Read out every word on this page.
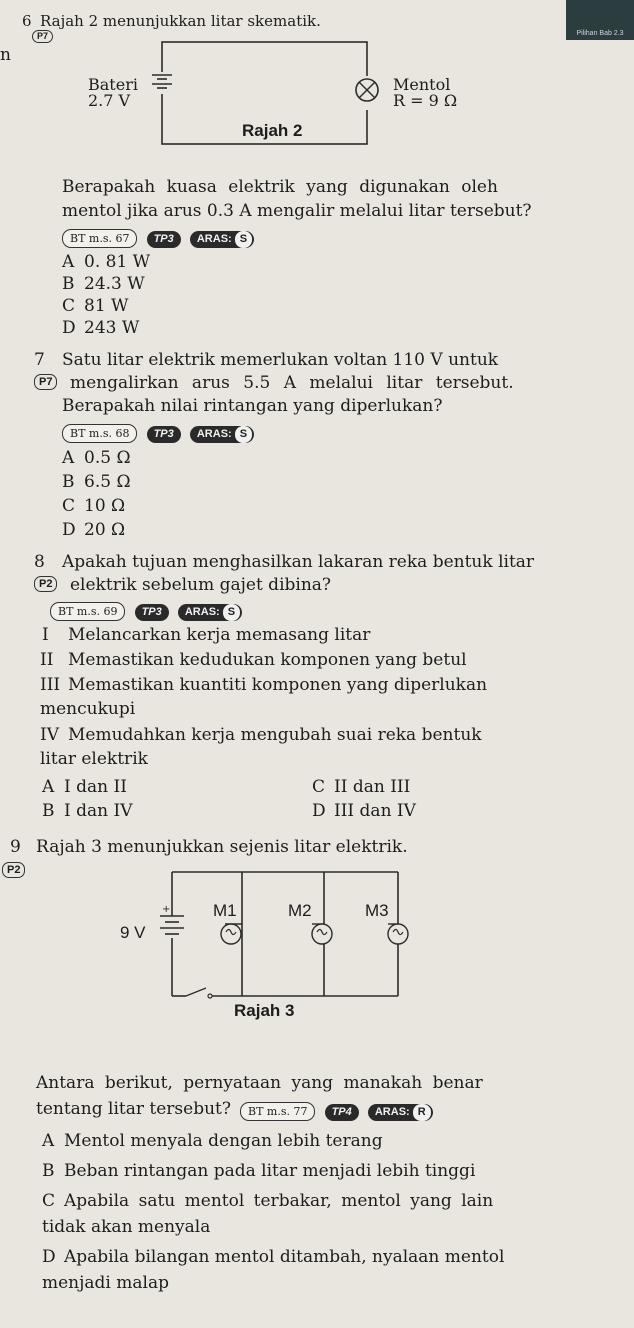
Pilihan Bab 2.3
6 Rajah 2 menunjukkan litar skematik.
P7
n
Bateri
2.7 V
Mentol
R = 9 Ω
Rajah 2
Berapakah kuasa elektrik yang digunakan oleh
mentol jika arus 0.3 A mengalir melalui litar tersebut?
BT m.s. 67 TP3 ARAS: S
A 0. 81 W
B 24.3 W
C 81 W
D 243 W
7 Satu litar elektrik memerlukan voltan 110 V untuk
P7 mengalirkan arus 5.5 A melalui litar tersebut.
Berapakah nilai rintangan yang diperlukan?
BT m.s. 68 TP3 ARAS: S
A 0.5 Ω
B 6.5 Ω
C 10 Ω
D 20 Ω
8 Apakah tujuan menghasilkan lakaran reka bentuk litar
P2 elektrik sebelum gajet dibina?
BT m.s. 69 TP3 ARAS: S
I Melancarkan kerja memasang litar
II Memastikan kedudukan komponen yang betul
III Memastikan kuantiti komponen yang diperlukan
mencukupi
IV Memudahkan kerja mengubah suai reka bentuk
litar elektrik
A I dan II	C II dan III
B I dan IV	D III dan IV
9 Rajah 3 menunjukkan sejenis litar elektrik.
P2
+
9 V
M1	M2	M3
Rajah 3
Antara berikut, pernyataan yang manakah benar
tentang litar tersebut?	BT m.s. 77 TP4 ARAS: R
A Mentol menyala dengan lebih terang
B Beban rintangan pada litar menjadi lebih tinggi
C Apabila satu mentol terbakar, mentol yang lain
tidak akan menyala
D Apabila bilangan mentol ditambah, nyalaan mentol
menjadi malap
